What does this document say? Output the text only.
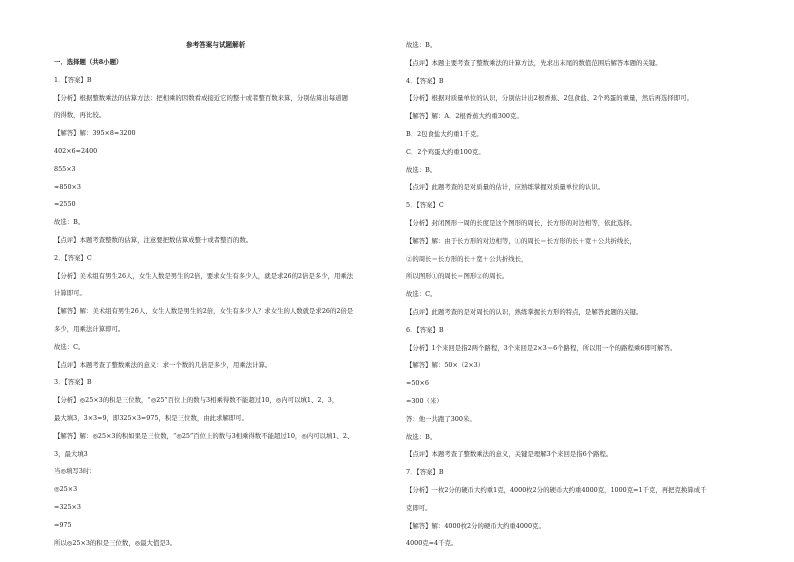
参考答案与试题解析
一．选择题（共8小题）
1．【答案】B
【分析】根据整数乘法的估算方法：把相乘的因数看成接近它的整十或者整百数来算，分别估算出每道题
的得数，再比较。
【解答】解：395×8≈3200
402×6≈2400
855×3
≈850×3
=2550
故选：B。
【点评】本题考查整数的估算，注意要把数估算成整十或者整百的数。
2．【答案】C
【分析】美术组有男生26人，女生人数是男生的2倍，要求女生有多少人，就是求26的2倍是多少，用乘法
计算即可。
【解答】解：美术组有男生26人，女生人数是男生的2倍，女生有多少人？求女生的人数就是求26的2倍是
多少，用乘法计算即可。
故选：C。
【点评】本题考查了整数乘法的意义：求一个数的几倍是多少，用乘法计算。
3．【答案】B
【分析】◎25×3的积是三位数，“◎25”百位上的数与3相乘得数不能超过10，◎内可以填1、2、3，
最大填3，3×3=9，即325×3=975，积是三位数，由此求解即可。
【解答】解：◎25×3的积如果是三位数，“◎25”百位上的数与3相乘得数不能超过10，◎内可以填1、2、
3，最大填3
当◎填写3时：
◎25×3
=325×3
=975
所以◎25×3的积是三位数，◎最大值是3。
故选：B。
【点评】本题主要考查了整数乘法的计算方法，先求出末尾的数值范围后解答本题的关键。
4．【答案】B
【分析】根据对质量单位的认识，分别估计出2根香蕉、2包食盐、2个鸡蛋的重量，然后再选择即可。
【解答】解：A．2根香蕉大约重300克。
B．2包食盐大约重1千克。
C．2个鸡蛋大约重100克。
故选：B。
【点评】此题考查的是对质量的估计，应熟练掌握对质量单位的认识。
5．【答案】C
【分析】封闭图形一周的长度是这个图形的周长，长方形的对边相等，依此选择。
【解答】解：由于长方形的对边相等，①的周长＝长方形的长＋宽＋公共折线长，
②的周长＝长方形的长＋宽＋公共折线长，
所以图形①的周长＝图形②的周长。
故选：C。
【点评】此题考查的是对周长的认识，熟练掌握长方形的特点，是解答此题的关键。
6．【答案】B
【分析】1个来回是指2两个路程，3个来回是2×3＝6个路程，所以用一个的路程乘6即可解答。
【解答】解：50×（2×3）
=50×6
=300（米）
答：他一共跑了300米。
故选：B。
【点评】本题考查了整数乘法的意义，关键是理解3个来回是指6个路程。
7．【答案】B
【分析】一枚2分的硬币大约重1克，4000枚2分的硬币大约重4000克，1000克=1千克，再把克换算成千
克即可。
【解答】解：4000枚2分的硬币大约重4000克。
4000克=4千克。
